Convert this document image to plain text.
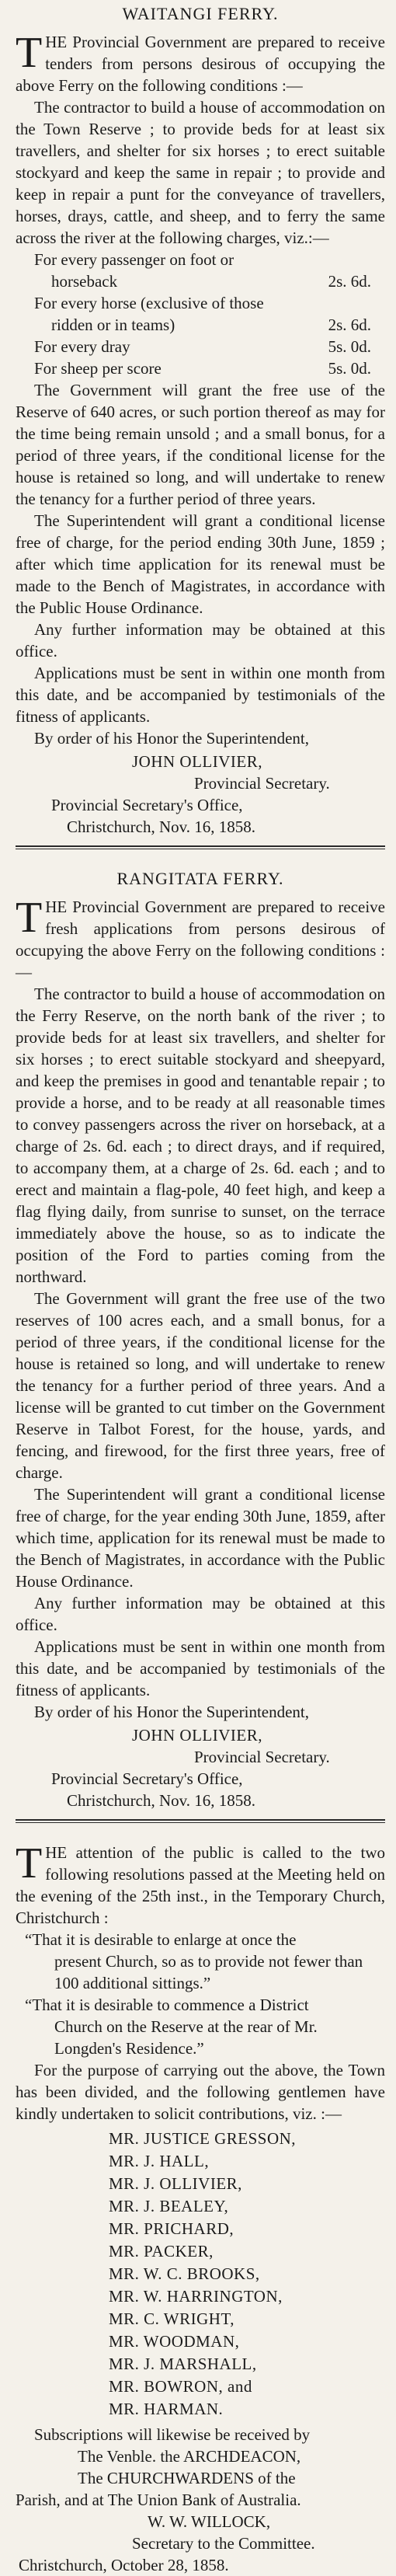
WAITANGI FERRY.

THE Provincial Government are prepared to receive tenders from persons desirous of occupying the above Ferry on the following conditions :—

The contractor to build a house of accommodation on the Town Reserve ; to provide beds for at least six travellers, and shelter for six horses ; to erect suitable stockyard and keep the same in repair ; to provide and keep in repair a punt for the conveyance of travellers, horses, drays, cattle, and sheep, and to ferry the same across the river at the following charges, viz.:—

For every passenger on foot or
horseback	2s. 6d.
For every horse (exclusive of those
ridden or in teams)	2s. 6d.
For every dray	5s. 0d.
For sheep per score	5s. 0d.

The Government will grant the free use of the Reserve of 640 acres, or such portion thereof as may for the time being remain unsold ; and a small bonus, for a period of three years, if the conditional license for the house is retained so long, and will undertake to renew the tenancy for a further period of three years.

The Superintendent will grant a conditional license free of charge, for the period ending 30th June, 1859 ; after which time application for its renewal must be made to the Bench of Magistrates, in accordance with the Public House Ordinance.

Any further information may be obtained at this office.

Applications must be sent in within one month from this date, and be accompanied by testimonials of the fitness of applicants.

By order of his Honor the Superintendent,

JOHN OLLIVIER,
Provincial Secretary.
Provincial Secretary's Office,
Christchurch, Nov. 16, 1858.
RANGITATA FERRY.

THE Provincial Government are prepared to receive fresh applications from persons desirous of occupying the above Ferry on the following conditions :—

The contractor to build a house of accommodation on the Ferry Reserve, on the north bank of the river ; to provide beds for at least six travellers, and shelter for six horses ; to erect suitable stockyard and sheepyard, and keep the premises in good and tenantable repair ; to provide a horse, and to be ready at all reasonable times to convey passengers across the river on horseback, at a charge of 2s. 6d. each ; to direct drays, and if required, to accompany them, at a charge of 2s. 6d. each ; and to erect and maintain a flag-pole, 40 feet high, and keep a flag flying daily, from sunrise to sunset, on the terrace immediately above the house, so as to indicate the position of the Ford to parties coming from the northward.

The Government will grant the free use of the two reserves of 100 acres each, and a small bonus, for a period of three years, if the conditional license for the house is retained so long, and will undertake to renew the tenancy for a further period of three years. And a license will be granted to cut timber on the Government Reserve in Talbot Forest, for the house, yards, and fencing, and firewood, for the first three years, free of charge.

The Superintendent will grant a conditional license free of charge, for the year ending 30th June, 1859, after which time, application for its renewal must be made to the Bench of Magistrates, in accordance with the Public House Ordinance.

Any further information may be obtained at this office.

Applications must be sent in within one month from this date, and be accompanied by testimonials of the fitness of applicants.

By order of his Honor the Superintendent,

JOHN OLLIVIER,
Provincial Secretary.
Provincial Secretary's Office,
Christchurch, Nov. 16, 1858.

THE attention of the public is called to the two following resolutions passed at the Meeting held on the evening of the 25th inst., in the Temporary Church, Christchurch :

“That it is desirable to enlarge at once the
present Church, so as to provide not fewer than 100 additional sittings.”
“That it is desirable to commence a District
Church on the Reserve at the rear of Mr. Longden's Residence.”

For the purpose of carrying out the above, the Town has been divided, and the following gentlemen have kindly undertaken to solicit contributions, viz. :—

MR. JUSTICE GRESSON,
MR. J. HALL,
MR. J. OLLIVIER,
MR. J. BEALEY,
MR. PRICHARD,
MR. PACKER,
MR. W. C. BROOKS,
MR. W. HARRINGTON,
MR. C. WRIGHT,
MR. WOODMAN,
MR. J. MARSHALL,
MR. BOWRON, and
MR. HARMAN.

Subscriptions will likewise be received by

The Venble. the ARCHDEACON,
The CHURCHWARDENS of the
Parish, and at The Union Bank of Australia.
W. W. WILLOCK,
Secretary to the Committee.
Christchurch, October 28, 1858.
